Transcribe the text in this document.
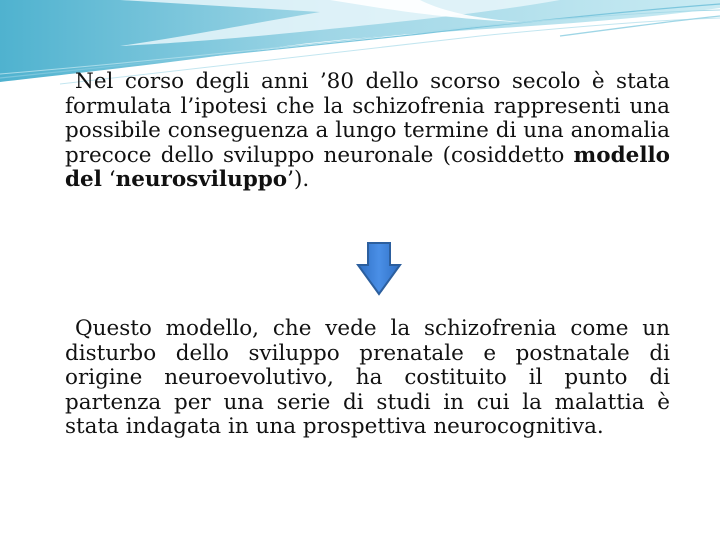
Nel corso degli anni ’80 dello scorso secolo è stata formulata l’ipotesi che la schizofrenia rappresenti una possibile conseguenza a lungo termine di una anomalia precoce dello sviluppo neuronale (cosiddetto modello del ‘neurosviluppo’).
Questo modello, che vede la schizofrenia come un disturbo dello sviluppo prenatale e postnatale di origine neuroevolutivo, ha costituito il punto di partenza per una serie di studi in cui la malattia è stata indagata in una prospettiva neurocognitiva.
